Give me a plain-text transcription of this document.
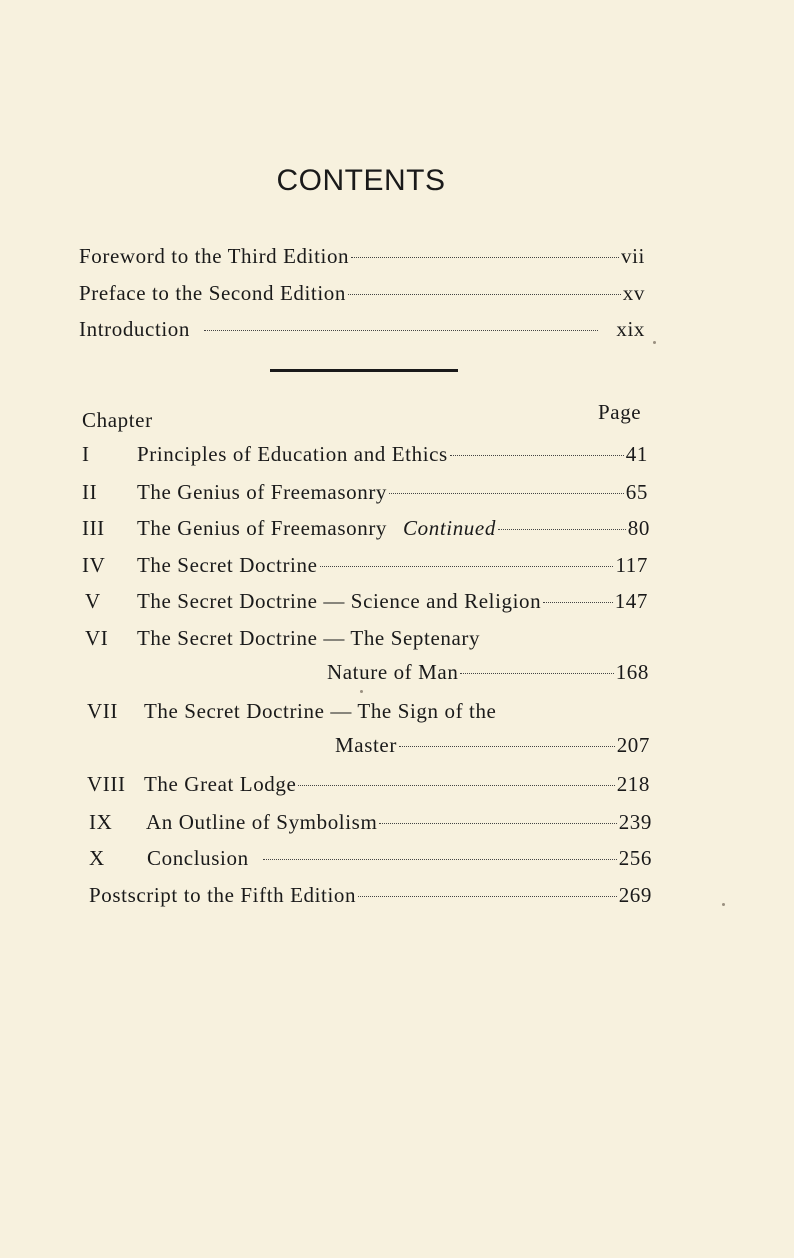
CONTENTS
Foreword to the Third Edition	vii
Preface to the Second Edition	xv
Introduction	xix
Chapter	Page
I	Principles of Education and Ethics	41
II	The Genius of Freemasonry	65
III	The Genius of Freemasonry Continued	80
IV	The Secret Doctrine	117
V	The Secret Doctrine — Science and Religion	147
VI	The Secret Doctrine — The Septenary
Nature of Man	168
VII	The Secret Doctrine — The Sign of the
Master	207
VIII The Great Lodge	218
IX	An Outline of Symbolism	239
X	Conclusion	256
Postscript to the Fifth Edition	269
